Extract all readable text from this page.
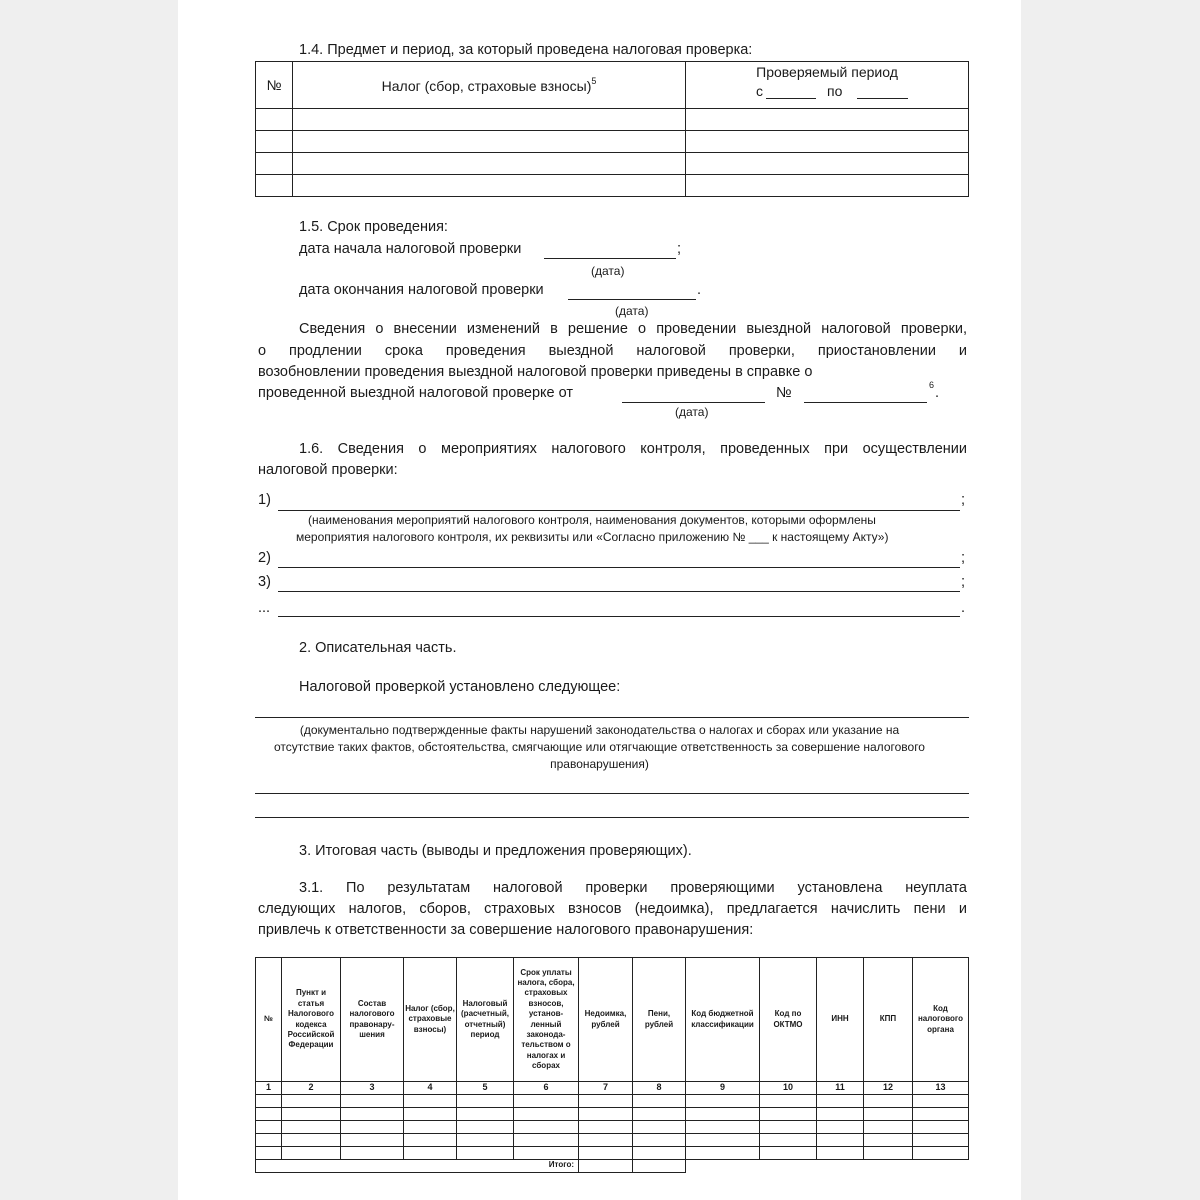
1.4. Предмет и период, за который проведена налоговая проверка:
№	Налог (сбор, страховые взносы)$^5$	Проверяемый период
с по

1.5. Срок проведения:
дата начала налоговой проверки	;
(дата)
дата окончания налоговой проверки	.
(дата)
Сведения о внесении изменений в решение о проведении выездной налоговой проверки,
о продлении срока проведения выездной налоговой проверки, приостановлении и
возобновлении проведения выездной налоговой проверки приведены в справке о
проведенной выездной налоговой проверке от	№	6 .
(дата)
1.6. Сведения о мероприятиях налогового контроля, проведенных при осуществлении
налоговой проверки:
1)	;
(наименования мероприятий налогового контроля, наименования документов, которыми оформлены
мероприятия налогового контроля, их реквизиты или «Согласно приложению № ___ к настоящему Акту»)
2)	;
3)	;
...	.
2. Описательная часть.
Налоговой проверкой установлено следующее:
(документально подтвержденные факты нарушений законодательства о налогах и сборах или указание на
отсутствие таких фактов, обстоятельства, смягчающие или отягчающие ответственность за совершение налогового
правонарушения)
3. Итоговая часть (выводы и предложения проверяющих).
3.1. По результатам налоговой проверки проверяющими установлена неуплата
следующих налогов, сборов, страховых взносов (недоимка), предлагается начислить пени и
привлечь к ответственности за совершение налогового правонарушения:
№	Пункт и статья Налогового кодекса Российской Федерации	Состав налогового правонару-шения	Налог (сбор, страховые взносы)	Налоговый (расчетный, отчетный) период	Срок уплаты налога, сбора, страховых взносов, установ-ленный законода-тельством о налогах и сборах	Недоимка, рублей	Пени, рублей	Код бюджетной классификации	Код по ОКТМО	ИНН	КПП	Код налогового органа
1	2	3	4	5	6	7	8	9	10	11	12	13

Итого:												
